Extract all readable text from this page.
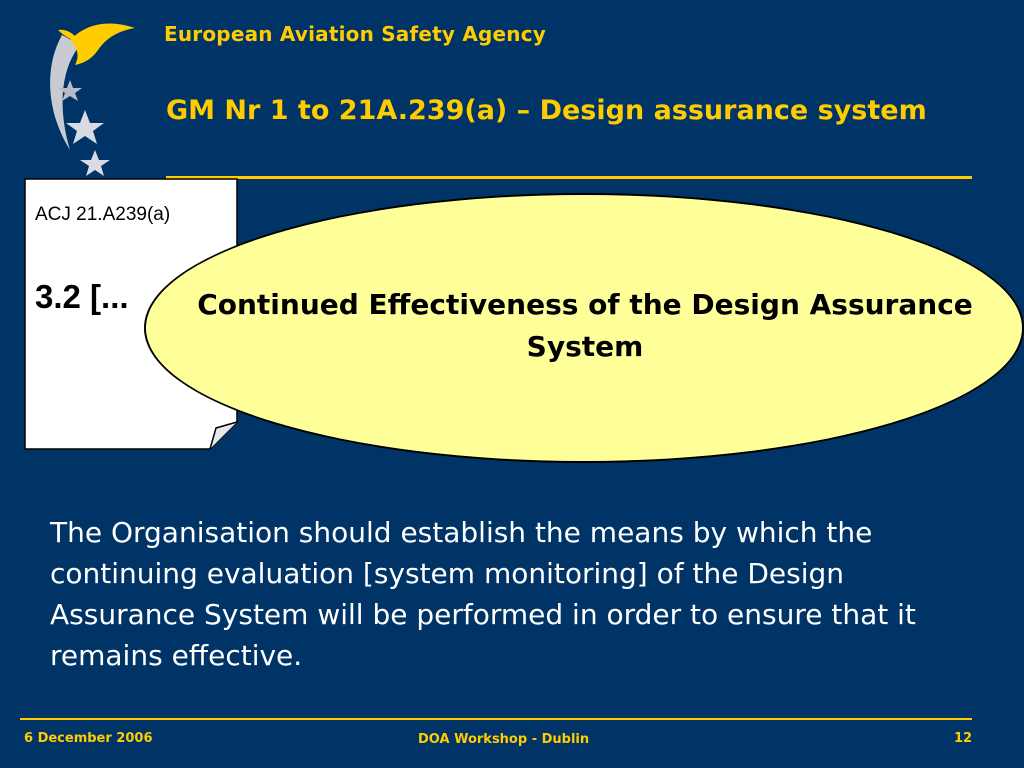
European Aviation Safety Agency
GM Nr 1 to 21A.239(a) – Design assurance system
ACJ 21.A239(a)
3.2 [...	Continued Effectiveness of the Design Assurance System
The Organisation should establish the means by which the continuing evaluation [system monitoring] of the Design Assurance System will be performed in order to ensure that it remains effective.
6 December 2006	DOA Workshop - Dublin	12
